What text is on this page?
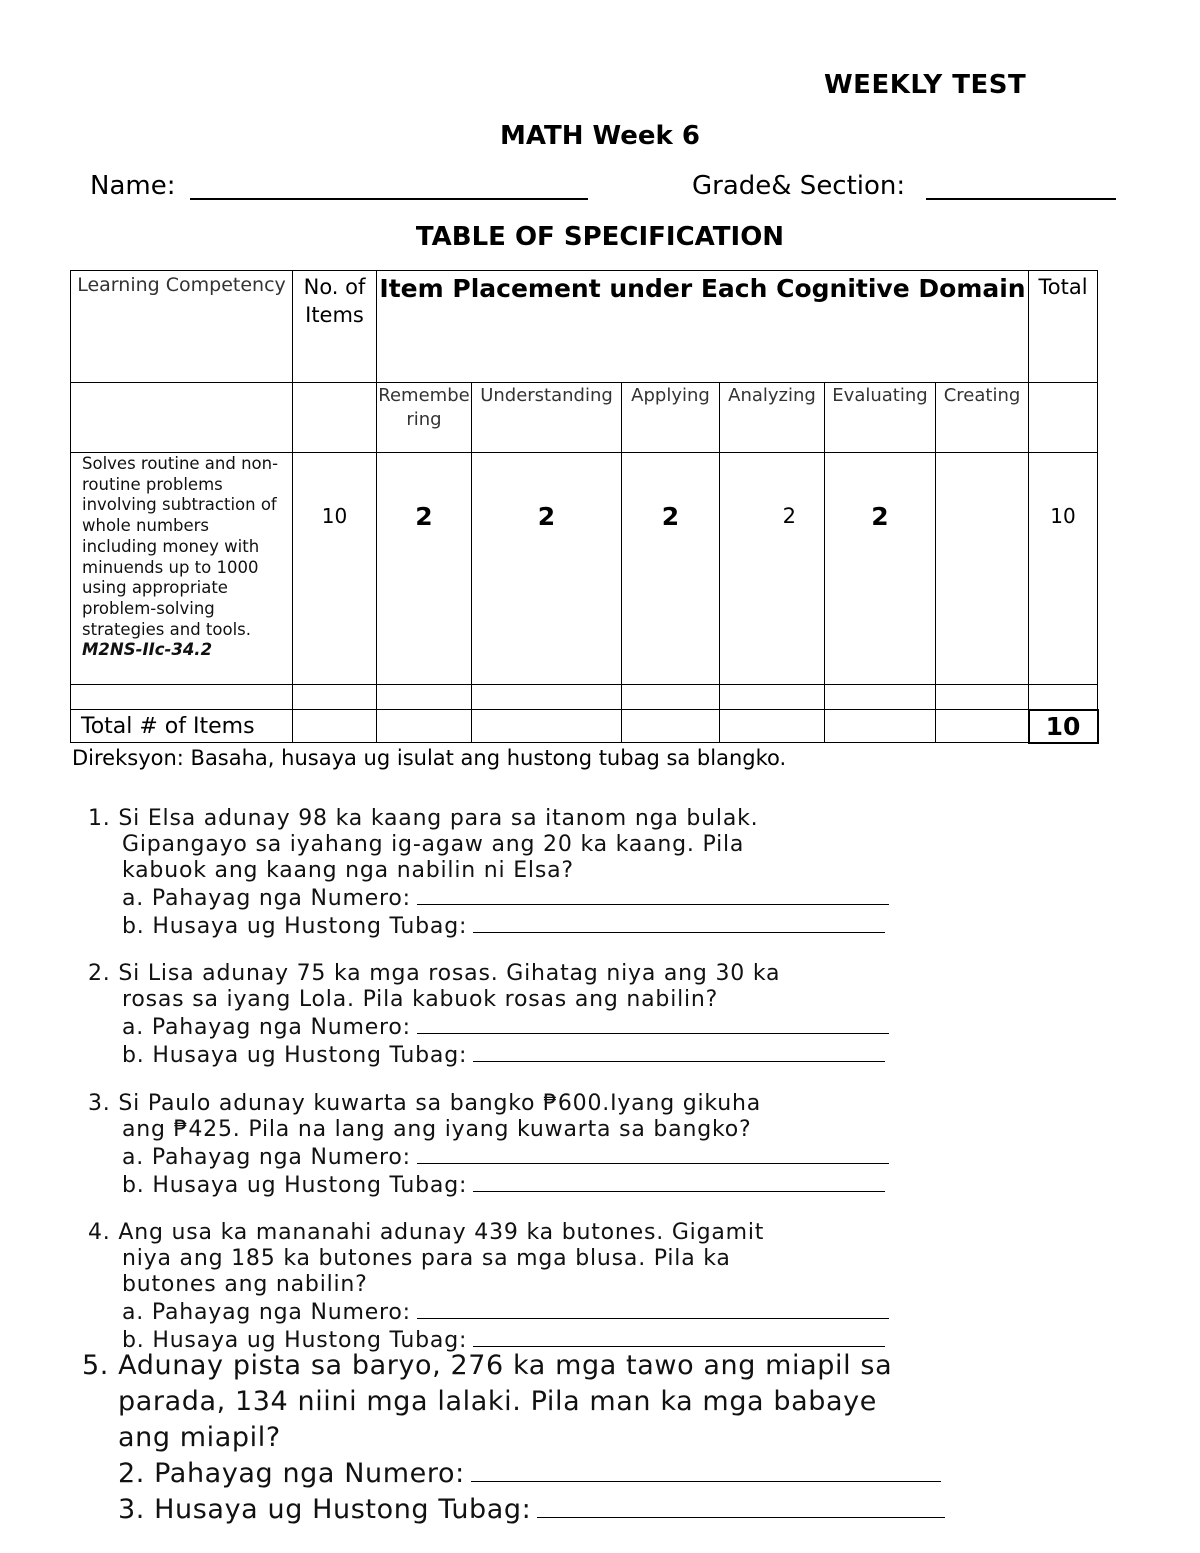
WEEKLY TEST
MATH Week 6
Name:	Grade& Section:
TABLE OF SPECIFICATION
Learning Competency	No. of Items	Item Placement under Each Cognitive Domain						Total
		Remembering	Understanding	Applying	Analyzing	Evaluating	Creating	
Solves routine and non-routine problems involving subtraction of whole numbers including money with minuends up to 1000 using appropriate problem-solving strategies and tools.
M2NS-IIc-34.2	10	2	2	2	2	2		10

Total # of Items								10
Direksyon: Basaha, husaya ug isulat ang hustong tubag sa blangko.
1. Si Elsa adunay 98 ka kaang para sa itanom nga bulak.
Gipangayo sa iyahang ig-agaw ang 20 ka kaang. Pila
kabuok ang kaang nga nabilin ni Elsa?
a. Pahayag nga Numero:
b. Husaya ug Hustong Tubag:
2. Si Lisa adunay 75 ka mga rosas. Gihatag niya ang 30 ka
rosas sa iyang Lola. Pila kabuok rosas ang nabilin?
a. Pahayag nga Numero:
b. Husaya ug Hustong Tubag:
3. Si Paulo adunay kuwarta sa bangko ₱600.Iyang gikuha
ang ₱425. Pila na lang ang iyang kuwarta sa bangko?
a. Pahayag nga Numero:
b. Husaya ug Hustong Tubag:
4. Ang usa ka mananahi adunay 439 ka butones. Gigamit
niya ang 185 ka butones para sa mga blusa. Pila ka
butones ang nabilin?
a. Pahayag nga Numero:
b. Husaya ug Hustong Tubag:
5. Adunay pista sa baryo, 276 ka mga tawo ang miapil sa
parada, 134 niini mga lalaki. Pila man ka mga babaye
ang miapil?
2. Pahayag nga Numero:
3. Husaya ug Hustong Tubag:
